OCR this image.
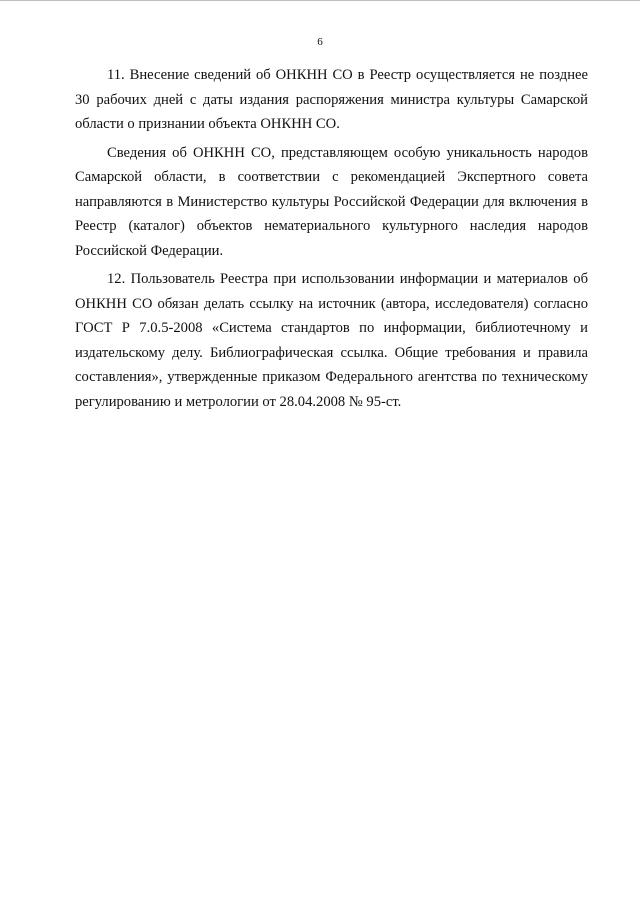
6

11. Внесение сведений об ОНКНН СО в Реестр осуществляется не позднее 30 рабочих дней с даты издания распоряжения министра культуры Самарской области о признании объекта ОНКНН СО.

Сведения об ОНКНН СО, представляющем особую уникальность народов Самарской области, в соответствии с рекомендацией Экспертного совета направляются в Министерство культуры Российской Федерации для включения в Реестр (каталог) объектов нематериального культурного наследия народов Российской Федерации.

12. Пользователь Реестра при использовании информации и материалов об ОНКНН СО обязан делать ссылку на источник (автора, исследователя) согласно ГОСТ Р 7.0.5-2008 «Система стандартов по информации, библиотечному и издательскому делу. Библиографическая ссылка. Общие требования и правила составления», утвержденные приказом Федерального агентства по техническому регулированию и метрологии от 28.04.2008 № 95-ст.
